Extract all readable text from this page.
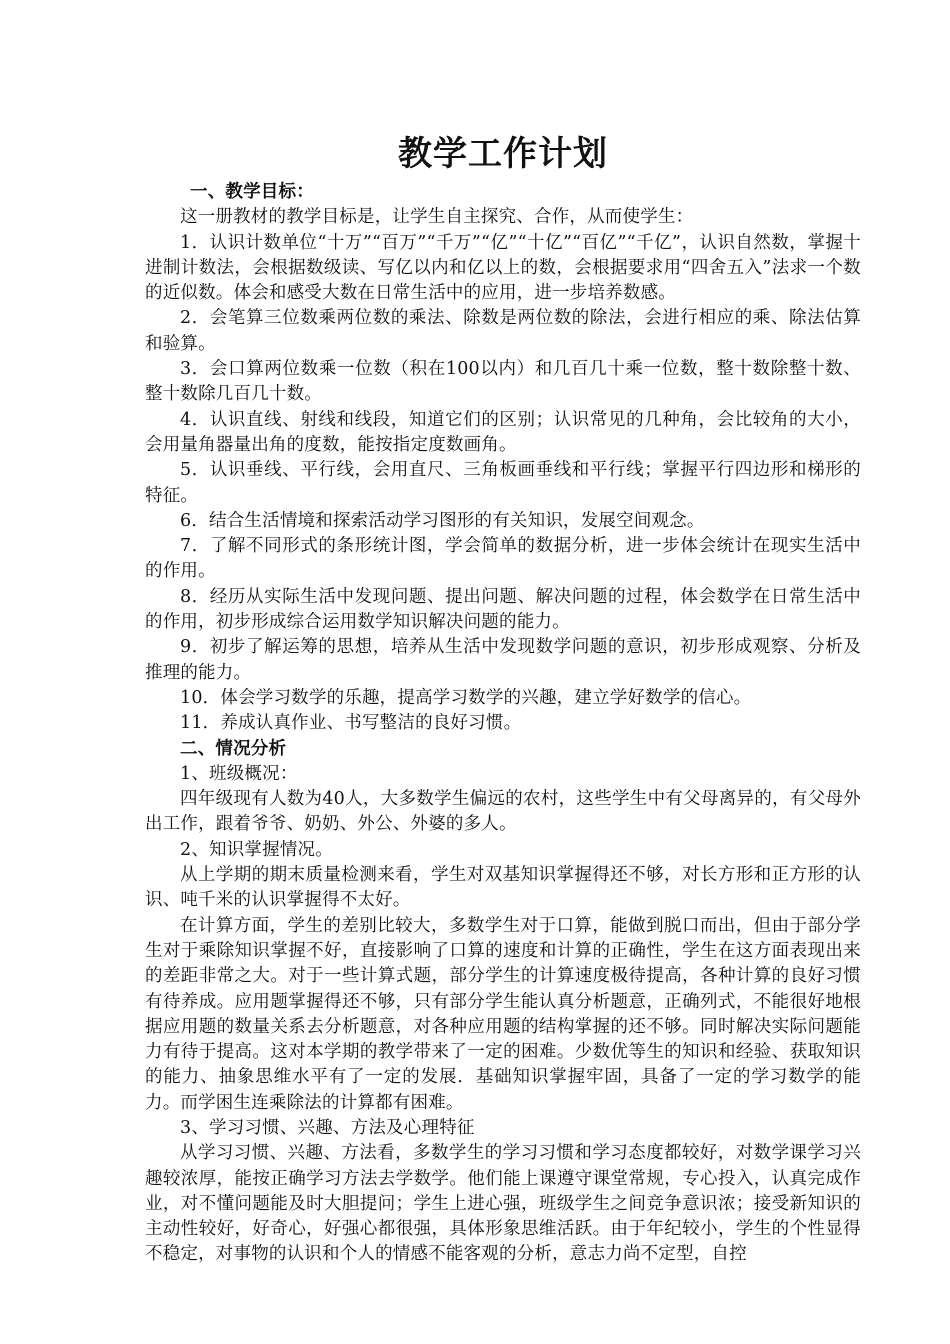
教学工作计划
一、教学目标：

这一册教材的教学目标是，让学生自主探究、合作，从而使学生：

1．认识计数单位“十万”“百万”“千万”“亿”“十亿”“百亿”“千亿”，认识自然数，掌握十进制计数法，会根据数级读、写亿以内和亿以上的数，会根据要求用“四舍五入”法求一个数的近似数。体会和感受大数在日常生活中的应用，进一步培养数感。

2．会笔算三位数乘两位数的乘法、除数是两位数的除法，会进行相应的乘、除法估算和验算。

3．会口算两位数乘一位数（积在100以内）和几百几十乘一位数，整十数除整十数、整十数除几百几十数。

4．认识直线、射线和线段，知道它们的区别；认识常见的几种角，会比较角的大小，会用量角器量出角的度数，能按指定度数画角。

5．认识垂线、平行线，会用直尺、三角板画垂线和平行线；掌握平行四边形和梯形的特征。

6．结合生活情境和探索活动学习图形的有关知识，发展空间观念。

7．了解不同形式的条形统计图，学会简单的数据分析，进一步体会统计在现实生活中的作用。

8．经历从实际生活中发现问题、提出问题、解决问题的过程，体会数学在日常生活中的作用，初步形成综合运用数学知识解决问题的能力。

9．初步了解运筹的思想，培养从生活中发现数学问题的意识，初步形成观察、分析及推理的能力。

10．体会学习数学的乐趣，提高学习数学的兴趣，建立学好数学的信心。

11．养成认真作业、书写整洁的良好习惯。

二、情况分析
1、班级概况：

四年级现有人数为40人，大多数学生偏远的农村，这些学生中有父母离异的，有父母外出工作，跟着爷爷、奶奶、外公、外婆的多人。

2、知识掌握情况。

从上学期的期末质量检测来看，学生对双基知识掌握得还不够，对长方形和正方形的认识、吨千米的认识掌握得不太好。

在计算方面，学生的差别比较大，多数学生对于口算，能做到脱口而出，但由于部分学生对于乘除知识掌握不好，直接影响了口算的速度和计算的正确性，学生在这方面表现出来的差距非常之大。对于一些计算式题，部分学生的计算速度极待提高，各种计算的良好习惯有待养成。应用题掌握得还不够，只有部分学生能认真分析题意，正确列式，不能很好地根据应用题的数量关系去分析题意，对各种应用题的结构掌握的还不够。同时解决实际问题能力有待于提高。这对本学期的教学带来了一定的困难。少数优等生的知识和经验、获取知识的能力、抽象思维水平有了一定的发展．基础知识掌握牢固，具备了一定的学习数学的能力。而学困生连乘除法的计算都有困难。

3、学习习惯、兴趣、方法及心理特征

从学习习惯、兴趣、方法看，多数学生的学习习惯和学习态度都较好，对数学课学习兴趣较浓厚，能按正确学习方法去学数学。他们能上课遵守课堂常规，专心投入，认真完成作业，对不懂问题能及时大胆提问；学生上进心强，班级学生之间竞争意识浓；接受新知识的主动性较好，好奇心，好强心都很强，具体形象思维活跃。由于年纪较小，学生的个性显得不稳定，对事物的认识和个人的情感不能客观的分析，意志力尚不定型，自控
